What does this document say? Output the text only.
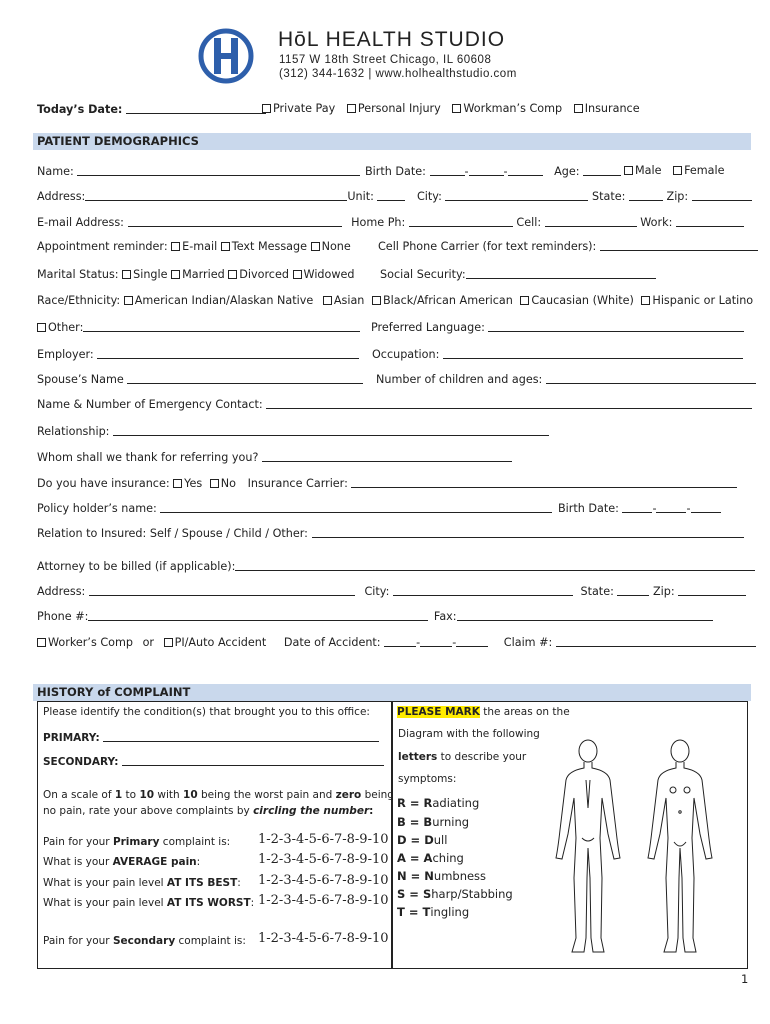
HōL HEALTH STUDIO
1157 W 18th Street Chicago, IL 60608
(312) 344-1632 | www.holhealthstudio.com
Today’s Date:	Private Pay Personal Injury Workman’s Comp Insurance
PATIENT DEMOGRAPHICS
Name:	Birth Date:	-	-	Age:	Male Female
Address:	Unit:	City:	State:	Zip:
E-mail Address:	Home Ph:	Cell:	Work:
Appointment reminder: E-mail Text Message None Cell Phone Carrier (for text reminders):
Marital Status: Single Married Divorced Widowed Social Security:
Race/Ethnicity: American Indian/Alaskan Native Asian Black/African American Caucasian (White) Hispanic or Latino
Other:	Preferred Language:
Employer:	Occupation:
Spouse’s Name	Number of children and ages:
Name & Number of Emergency Contact:
Relationship:
Whom shall we thank for referring you?
Do you have insurance: Yes No Insurance Carrier:
Policy holder’s name:	Birth Date:	-	-
Relation to Insured: Self / Spouse / Child / Other:
Attorney to be billed (if applicable):
Address:	City:	State:	Zip:
Phone #:	Fax:
Worker’s Comp or PI/Auto Accident Date of Accident:	-	-	Claim #:
HISTORY of COMPLAINT
Please identify the condition(s) that brought you to this office:
PRIMARY:
SECONDARY:
On a scale of 1 to 10 with 10 being the worst pain and zero being
no pain, rate your above complaints by circling the number:
Pain for your Primary complaint is: 1-2-3-4-5-6-7-8-9-10
What is your AVERAGE pain:	1-2-3-4-5-6-7-8-9-10
What is your pain level AT ITS BEST: 1-2-3-4-5-6-7-8-9-10
What is your pain level AT ITS WORST: 1-2-3-4-5-6-7-8-9-10
Pain for your Secondary complaint is: 1-2-3-4-5-6-7-8-9-10
PLEASE MARK the areas on the
Diagram with the following
letters to describe your
symptoms:
R = Radiating
B = Burning
D = Dull
A = Aching
N = Numbness
S = Sharp/Stabbing
T = Tingling
1
